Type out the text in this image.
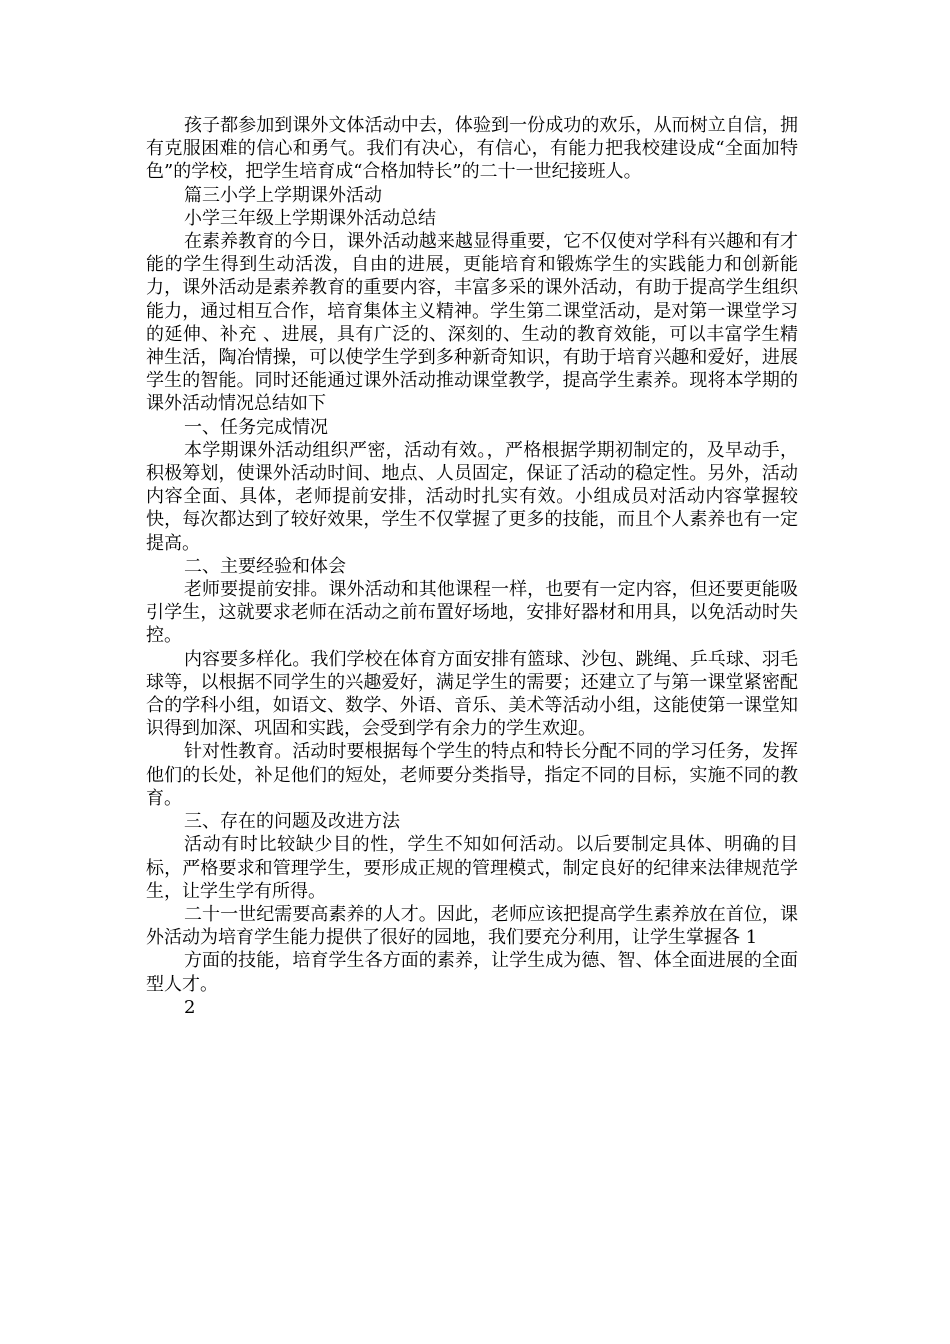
孩子都参加到课外文体活动中去，体验到一份成功的欢乐，从而树立自信，拥有克服困难的信心和勇气。我们有决心，有信心，有能力把我校建设成“全面加特色”的学校，把学生培育成“合格加特长”的二十一世纪接班人。

篇三小学上学期课外活动

小学三年级上学期课外活动总结

在素养教育的今日，课外活动越来越显得重要，它不仅使对学科有兴趣和有才能的学生得到生动活泼，自由的进展，更能培育和锻炼学生的实践能力和创新能力，课外活动是素养教育的重要内容，丰富多采的课外活动，有助于提高学生组织能力，通过相互合作，培育集体主义精神。学生第二课堂活动，是对第一课堂学习的延伸、补充 、进展，具有广泛的、深刻的、生动的教育效能，可以丰富学生精神生活，陶冶情操，可以使学生学到多种新奇知识，有助于培育兴趣和爱好，进展学生的智能。同时还能通过课外活动推动课堂教学，提高学生素养。现将本学期的课外活动情况总结如下

一、任务完成情况

本学期课外活动组织严密，活动有效。，严格根据学期初制定的，及早动手，积极筹划，使课外活动时间、地点、人员固定，保证了活动的稳定性。另外，活动内容全面、具体，老师提前安排，活动时扎实有效。小组成员对活动内容掌握较快，每次都达到了较好效果，学生不仅掌握了更多的技能，而且个人素养也有一定提高。

二、主要经验和体会

老师要提前安排。课外活动和其他课程一样，也要有一定内容，但还要更能吸引学生，这就要求老师在活动之前布置好场地，安排好器材和用具，以免活动时失控。

内容要多样化。我们学校在体育方面安排有篮球、沙包、跳绳、乒乓球、羽毛球等，以根据不同学生的兴趣爱好，满足学生的需要；还建立了与第一课堂紧密配合的学科小组，如语文、数学、外语、音乐、美术等活动小组，这能使第一课堂知识得到加深、巩固和实践，会受到学有余力的学生欢迎。

针对性教育。活动时要根据每个学生的特点和特长分配不同的学习任务，发挥他们的长处，补足他们的短处，老师要分类指导，指定不同的目标，实施不同的教育。

三、存在的问题及改进方法

活动有时比较缺少目的性，学生不知如何活动。以后要制定具体、明确的目标，严格要求和管理学生，要形成正规的管理模式，制定良好的纪律来法律规范学生，让学生学有所得。

二十一世纪需要高素养的人才。因此，老师应该把提高学生素养放在首位，课外活动为培育学生能力提供了很好的园地，我们要充分利用，让学生掌握各 1

方面的技能，培育学生各方面的素养，让学生成为德、智、体全面进展的全面型人才。

2
